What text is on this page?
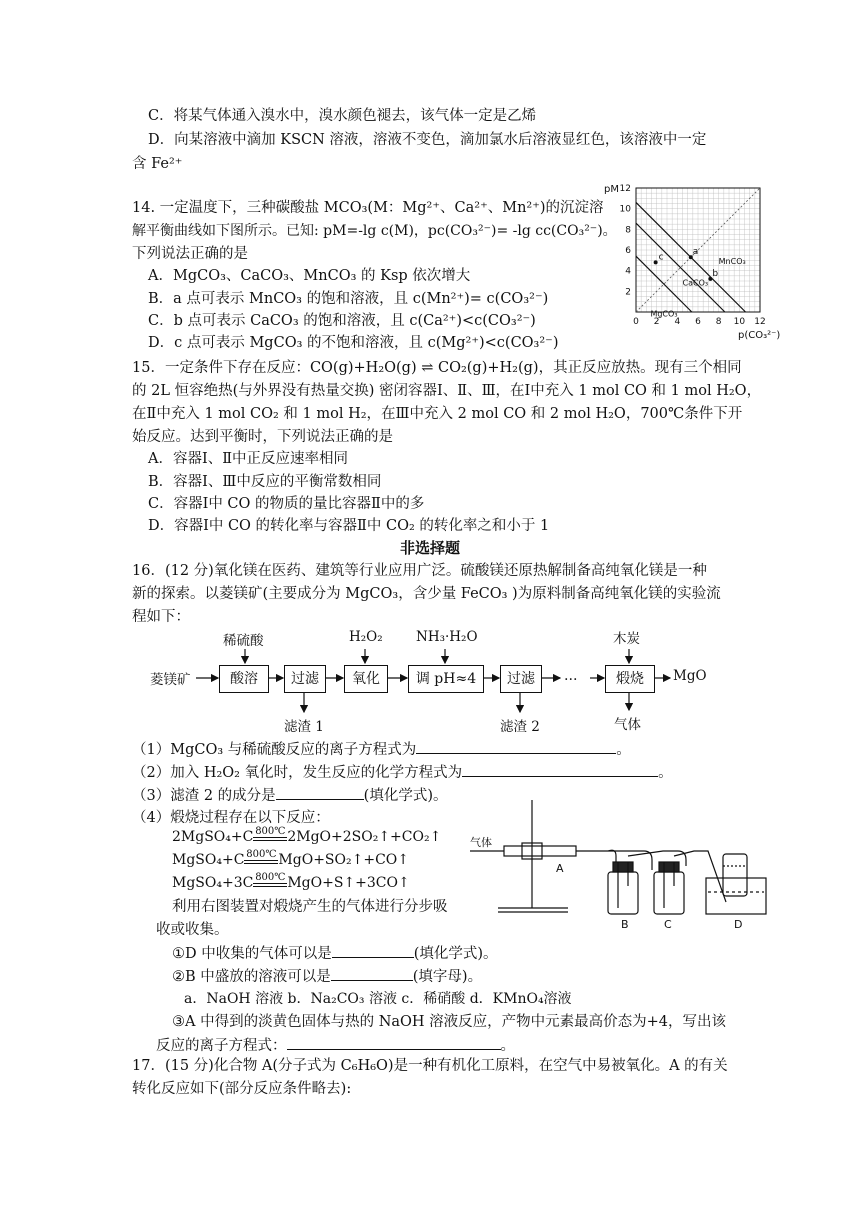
C．将某气体通入溴水中，溴水颜色褪去，该气体一定是乙烯
D．向某溶液中滴加 KSCN 溶液，溶液不变色，滴加氯水后溶液显红色，该溶液中一定
含 Fe²⁺
14. 一定温度下，三种碳酸盐 MCO₃(M：Mg²⁺、Ca²⁺、Mn²⁺)的沉淀溶
解平衡曲线如下图所示。已知: pM=-lg c(M)，pc(CO₃²⁻)= -lg cc(CO₃²⁻)。
下列说法正确的是
A．MgCO₃、CaCO₃、MnCO₃ 的 Ksp 依次增大
B．a 点可表示 MnCO₃ 的饱和溶液，且 c(Mn²⁺)= c(CO₃²⁻)
C．b 点可表示 CaCO₃ 的饱和溶液，且 c(Ca²⁺)<c(CO₃²⁻)
D．c 点可表示 MgCO₃ 的不饱和溶液，且 c(Mg²⁺)<c(CO₃²⁻)
0 2 4 6 8 10 12
2
4
6
8
10
12
pM
p(CO₃²⁻)
MnCO₃
CaCO₃
MgCO₃
a
b
c
15．一定条件下存在反应：CO(g)+H₂O(g) ⇌ CO₂(g)+H₂(g)，其正反应放热。现有三个相同
的 2L 恒容绝热(与外界没有热量交换) 密闭容器Ⅰ、Ⅱ、Ⅲ，在Ⅰ中充入 1 mol CO 和 1 mol H₂O，
在Ⅱ中充入 1 mol CO₂ 和 1 mol H₂，在Ⅲ中充入 2 mol CO 和 2 mol H₂O，700℃条件下开
始反应。达到平衡时，下列说法正确的是
A．容器Ⅰ、Ⅱ中正反应速率相同
B．容器Ⅰ、Ⅲ中反应的平衡常数相同
C．容器Ⅰ中 CO 的物质的量比容器Ⅱ中的多
D．容器Ⅰ中 CO 的转化率与容器Ⅱ中 CO₂ 的转化率之和小于 1
非选择题
16．(12 分)氧化镁在医药、建筑等行业应用广泛。硫酸镁还原热解制备高纯氧化镁是一种
新的探索。以菱镁矿(主要成分为 MgCO₃，含少量 FeCO₃ )为原料制备高纯氧化镁的实验流
程如下：
菱镁矿	酸溶	过滤	氧化	调 pH≈4	过滤	…	煅烧	MgO
稀硫酸	H₂O₂ NH₃·H₂O	木炭
滤渣 1	滤渣 2	气体
（1）MgCO₃ 与稀硫酸反应的离子方程式为	。
（2）加入 H₂O₂ 氧化时，发生反应的化学方程式为	。
（3）滤渣 2 的成分是	(填化学式)。
（4）煅烧过程存在以下反应：
2MgSO₄+C 800℃ 2MgO+2SO₂↑+CO₂↑
MgSO₄+C 800℃ MgO+SO₂↑+CO↑
MgSO₄+3C 800℃ MgO+S↑+3CO↑
利用右图装置对煅烧产生的气体进行分步吸
收或收集。
①D 中收集的气体可以是	(填化学式)。
②B 中盛放的溶液可以是	(填字母)。
a．NaOH 溶液 b．Na₂CO₃ 溶液 c．稀硝酸 d．KMnO₄溶液
③A 中得到的淡黄色固体与热的 NaOH 溶液反应，产物中元素最高价态为+4，写出该
反应的离子方程式：	。
气体
A
B	C	D
17．(15 分)化合物 A(分子式为 C₆H₆O)是一种有机化工原料，在空气中易被氧化。A 的有关
转化反应如下(部分反应条件略去):
